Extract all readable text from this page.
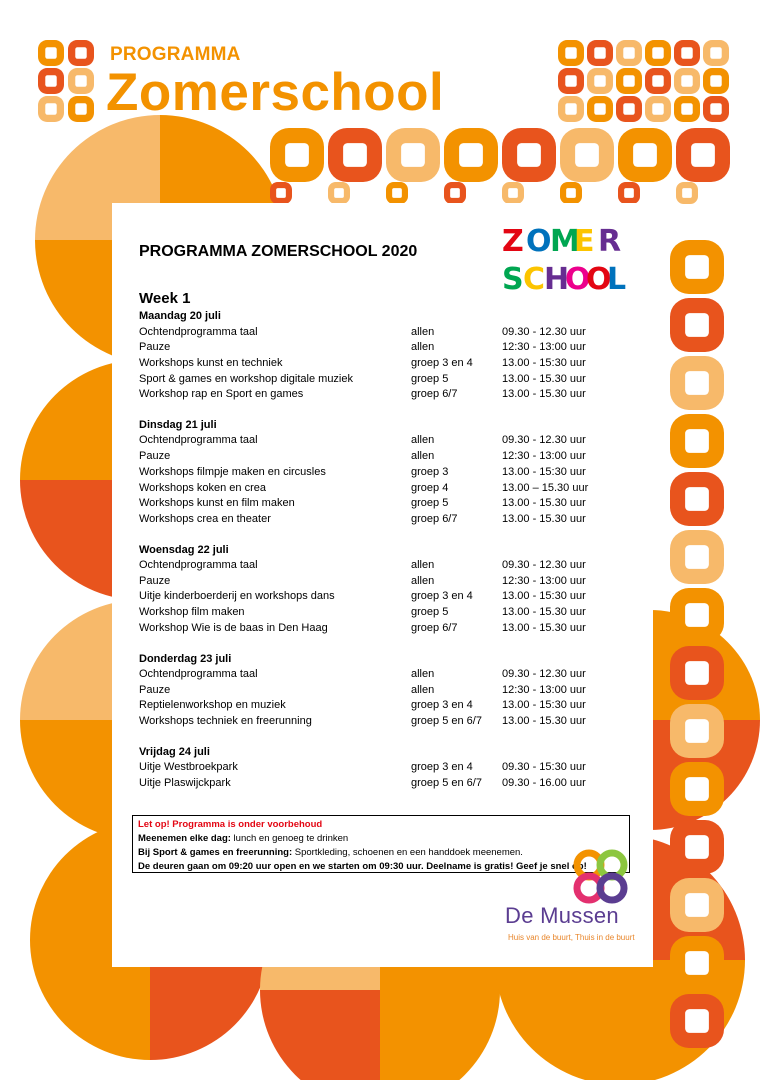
PROGRAMMA
Zomerschool
PROGRAMMA ZOMERSCHOOL 2020	Z O
M
E R
S C
H
O
O
L
Week 1
Maandag 20 juli
Ochtendprogramma taal	allen	09.30 - 12.30 uur
Pauze	allen	12:30 - 13:00 uur
Workshops kunst en techniek	groep 3 en 4	13.00 - 15:30 uur
Sport & games en workshop digitale muziek	groep 5	13.00 - 15.30 uur
Workshop rap en Sport en games	groep 6/7	13.00 - 15.30 uur
Dinsdag 21 juli
Ochtendprogramma taal	allen	09.30 - 12.30 uur
Pauze	allen	12:30 - 13:00 uur
Workshops filmpje maken en circusles	groep 3	13.00 - 15:30 uur
Workshops koken en crea	groep 4	13.00 – 15.30 uur
Workshops kunst en film maken	groep 5	13.00 - 15.30 uur
Workshops crea en theater	groep 6/7	13.00 - 15.30 uur
Woensdag 22 juli
Ochtendprogramma taal	allen	09.30 - 12.30 uur
Pauze	allen	12:30 - 13:00 uur
Uitje kinderboerderij en workshops dans	groep 3 en 4	13.00 - 15:30 uur
Workshop film maken	groep 5	13.00 - 15.30 uur
Workshop Wie is de baas in Den Haag	groep 6/7	13.00 - 15.30 uur
Donderdag 23 juli
Ochtendprogramma taal	allen	09.30 - 12.30 uur
Pauze	allen	12:30 - 13:00 uur
Reptielenworkshop en muziek	groep 3 en 4	13.00 - 15:30 uur
Workshops techniek en freerunning	groep 5 en 6/7 13.00 - 15.30 uur
Vrijdag 24 juli
Uitje Westbroekpark	groep 3 en 4	09.30 - 15:30 uur
Uitje Plaswijckpark	groep 5 en 6/7 09.30 - 16.00 uur
Let op! Programma is onder voorbehoud
Meenemen elke dag: lunch en genoeg te drinken
Bij Sport & games en freerunning: Sportkleding, schoenen en een handdoek meenemen.
De deuren gaan om 09:20 uur open en we starten om 09:30 uur. Deelname is gratis! Geef je snel op!
De Mussen
Huis van de buurt, Thuis in de buurt
